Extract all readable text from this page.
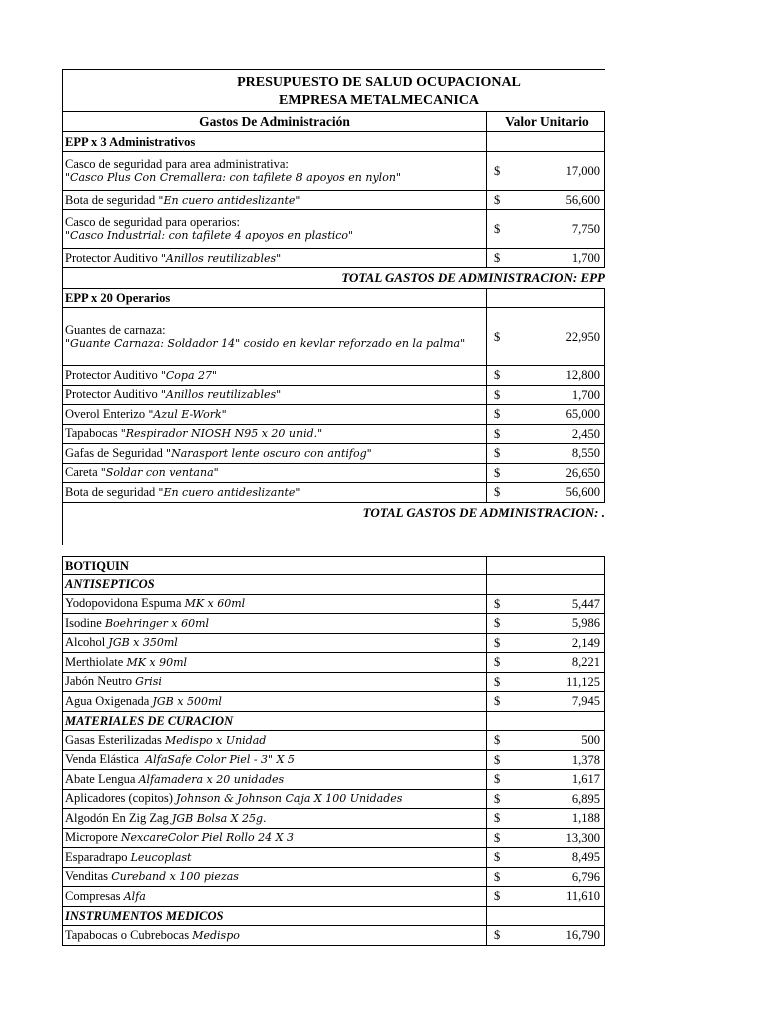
PRESUPUESTO DE SALUD OCUPACIONAL
EMPRESA METALMECANICA
Gastos De Administración	Valor Unitario
EPP x 3 Administrativos
Casco de seguridad para area administrativa:
"Casco Plus Con Cremallera: con tafilete 8 apoyos en nylon"	$	17,000
Bota de seguridad "En cuero antideslizante"	$	56,600
Casco de seguridad para operarios:
"Casco Industrial: con tafilete 4 apoyos en plastico"	$	7,750
Protector Auditivo "Anillos reutilizables"	$	1,700
TOTAL GASTOS DE ADMINISTRACION: EPP
EPP x 20 Operarios
Guantes de carnaza:
"Guante Carnaza: Soldador 14" cosido en kevlar reforzado en la palma"	$	22,950
Protector Auditivo "Copa 27"	$	12,800
Protector Auditivo "Anillos reutilizables"	$	1,700
Overol Enterizo "Azul E-Work"	$	65,000
Tapabocas "Respirador NIOSH N95 x 20 unid."	$	2,450
Gafas de Seguridad "Narasport lente oscuro con antifog"	$	8,550
Careta "Soldar con ventana"	$	26,650
Bota de seguridad "En cuero antideslizante"	$	56,600
TOTAL GASTOS DE ADMINISTRACION: .
BOTIQUIN
ANTISEPTICOS
Yodopovidona Espuma MK x 60ml	$	5,447
Isodine Boehringer x 60ml	$	5,986
Alcohol JGB x 350ml	$	2,149
Merthiolate MK x 90ml	$	8,221
Jabón Neutro Grisi	$	11,125
Agua Oxigenada JGB x 500ml	$	7,945
MATERIALES DE CURACION
Gasas Esterilizadas Medispo x Unidad	$	500
Venda Elástica  AlfaSafe Color Piel - 3" X 5	$	1,378
Abate Lengua Alfamadera x 20 unidades	$	1,617
Aplicadores (copitos) Johnson & Johnson Caja X 100 Unidades	$	6,895
Algodón En Zig Zag JGB Bolsa X 25g.	$	1,188
Micropore NexcareColor Piel Rollo 24 X 3	$	13,300
Esparadrapo Leucoplast	$	8,495
Venditas Cureband x 100 piezas	$	6,796
Compresas Alfa	$	11,610
INSTRUMENTOS MEDICOS
Tapabocas o Cubrebocas Medispo	$	16,790
